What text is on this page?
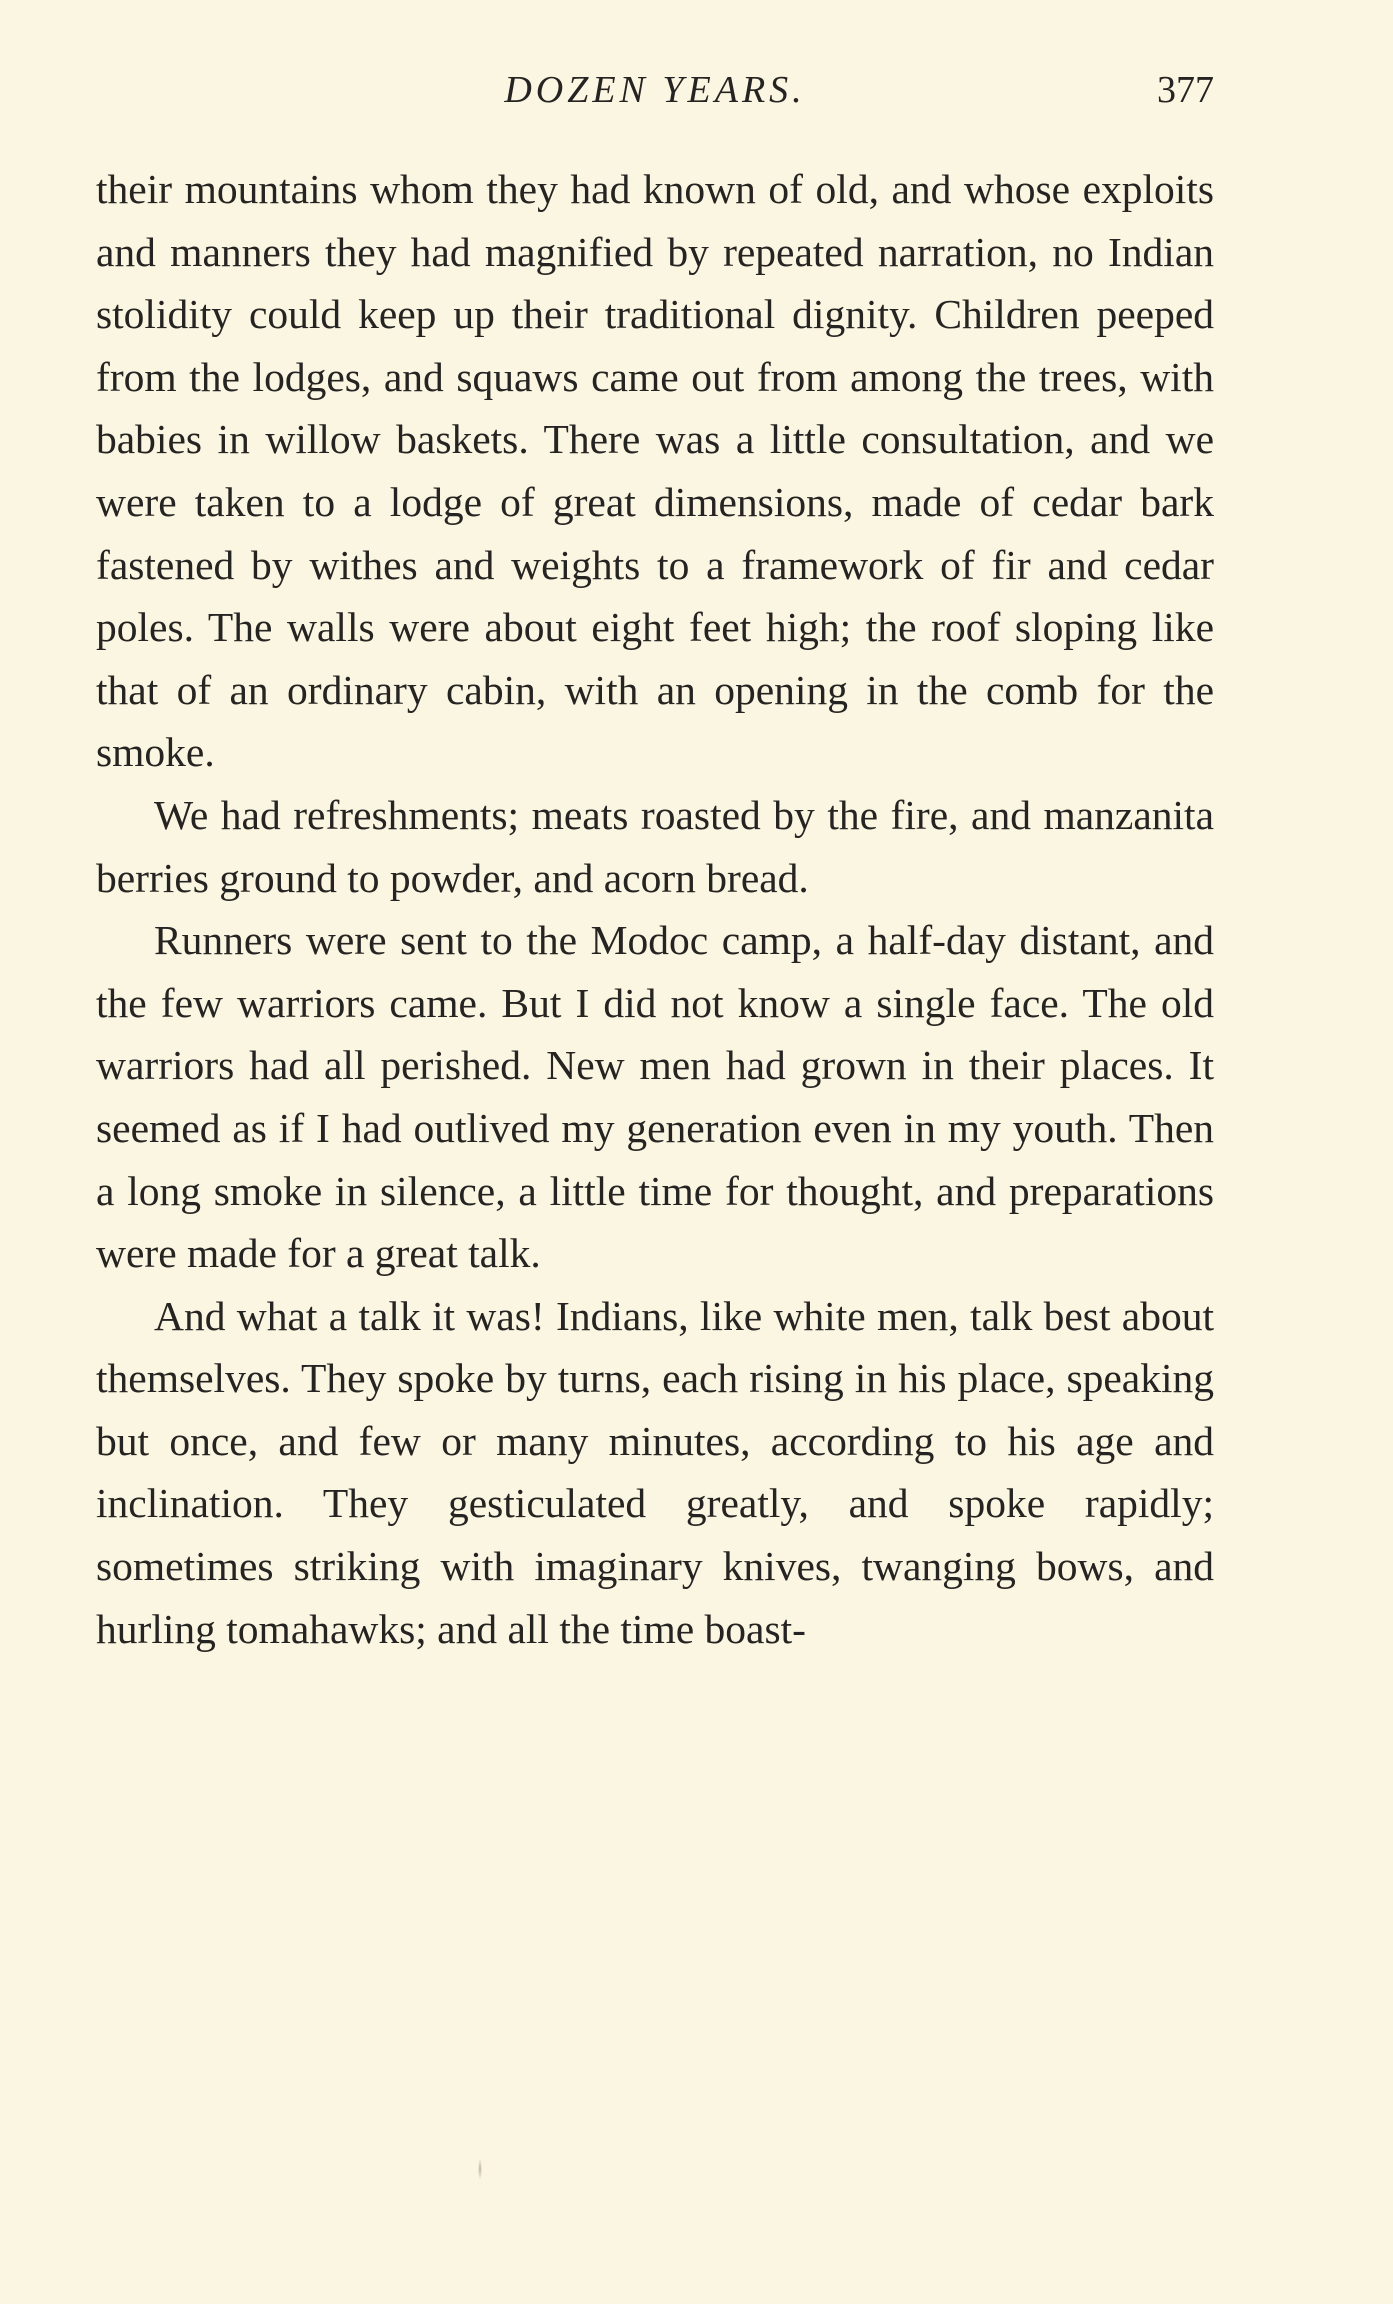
DOZEN YEARS.	377

their mountains whom they had known of old, and whose exploits and manners they had magnified by repeated narration, no Indian stolidity could keep up their traditional dignity. Children peeped from the lodges, and squaws came out from among the trees, with babies in willow baskets. There was a little consultation, and we were taken to a lodge of great dimensions, made of cedar bark fastened by withes and weights to a framework of fir and cedar poles. The walls were about eight feet high; the roof sloping like that of an ordinary cabin, with an opening in the comb for the smoke.

We had refreshments; meats roasted by the fire, and manzanita berries ground to powder, and acorn bread.

Runners were sent to the Modoc camp, a half-day distant, and the few warriors came. But I did not know a single face. The old warriors had all perished. New men had grown in their places. It seemed as if I had outlived my generation even in my youth. Then a long smoke in silence, a little time for thought, and preparations were made for a great talk.

And what a talk it was! Indians, like white men, talk best about themselves. They spoke by turns, each rising in his place, speaking but once, and few or many minutes, according to his age and inclination. They gesticulated greatly, and spoke rapidly; sometimes striking with imaginary knives, twanging bows, and hurling tomahawks; and all the time boast-
